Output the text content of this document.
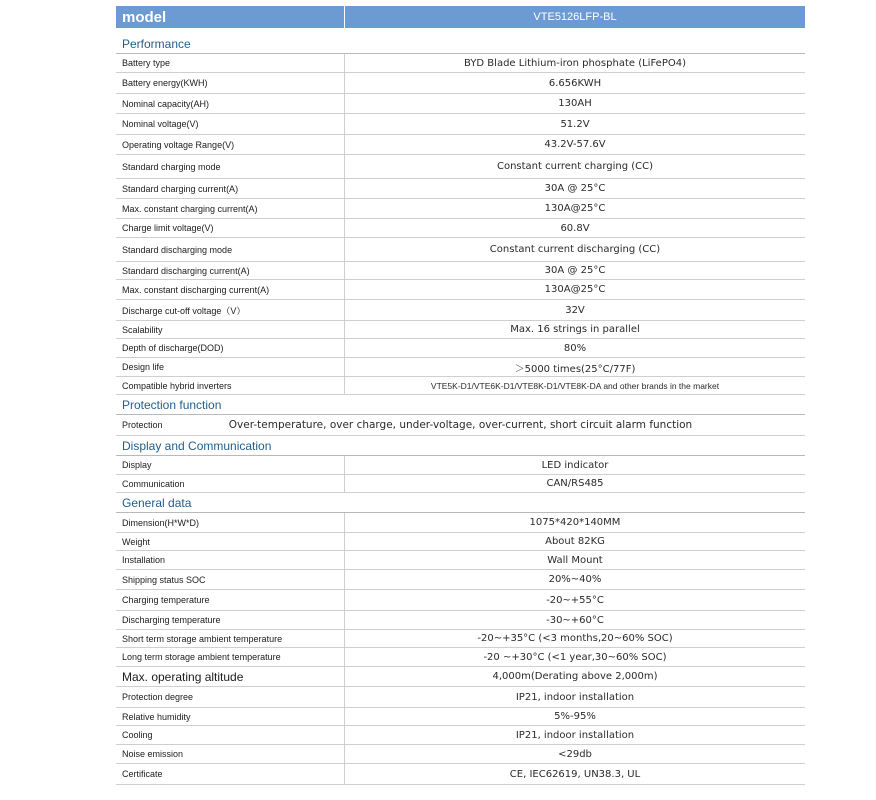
model	VTE5126LFP-BL
Performance
Battery type	BYD Blade Lithium-iron phosphate (LiFePO4)
Battery energy(KWH)	6.656KWH
Nominal capacity(AH)	130AH
Nominal voltage(V)	51.2V
Operating voltage Range(V)	43.2V-57.6V
Standard charging mode	Constant current charging (CC)
Standard charging current(A)	30A @ 25°C
Max. constant charging current(A)	130A@25°C
Charge limit voltage(V)	60.8V
Standard discharging mode	Constant current discharging (CC)
Standard discharging current(A)	30A @ 25°C
Max. constant discharging current(A)	130A@25°C
Discharge cut-off voltage（V）	32V
Scalability	Max. 16 strings in parallel
Depth of discharge(DOD)	80%
Design life	＞5000 times(25°C/77F)
Compatible hybrid inverters	VTE5K-D1/VTE6K-D1/VTE8K-D1/VTE8K-DA and other brands in the market
Protection function
Protection	Over-temperature, over charge, under-voltage, over-current, short circuit alarm function
Display and Communication
Display	LED indicator
Communication	CAN/RS485
General data
Dimension(H*W*D)	1075*420*140MM
Weight	About 82KG
Installation	Wall Mount
Shipping status SOC	20%~40%
Charging temperature	-20~+55°C
Discharging temperature	-30~+60°C
Short term storage ambient temperature	-20~+35°C (<3 months,20~60% SOC)
Long term storage ambient temperature	-20 ~+30°C (<1 year,30~60% SOC)
Max. operating altitude	4,000m(Derating above 2,000m)
Protection degree	IP21, indoor installation
Relative humidity	5%-95%
Cooling	IP21, indoor installation
Noise emission	<29db
Certificate	CE, IEC62619, UN38.3, UL
